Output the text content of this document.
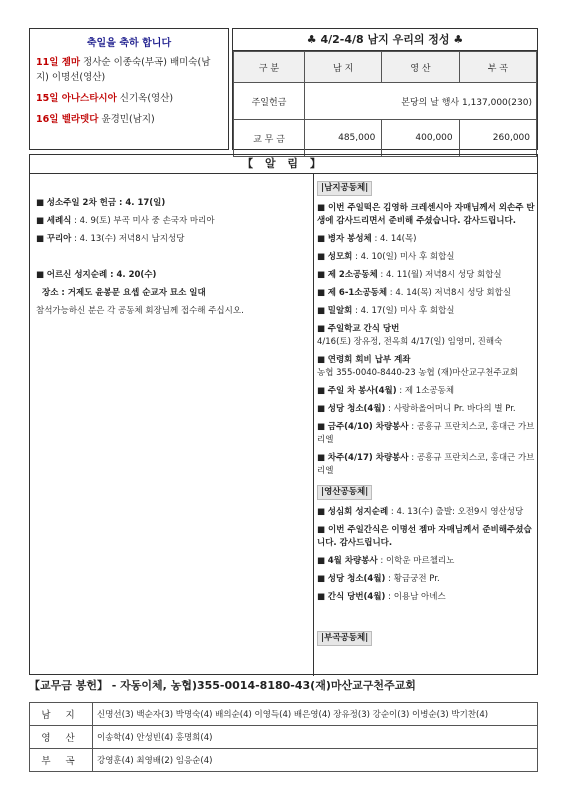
축일을 축하 합니다
11일 젬마 정사순 이종숙(부곡) 배미숙(남지) 이명선(영산)
15일 아나스타시아 신기옥(영산)
16일 벨라뎃다 윤경민(남지)
♣ 4/2-4/8 남지 우리의 정성 ♣
구 분	남 지	영 산	부 곡
주일헌금	본당의 날 행사 1,137,000(230)		
교 무 금	485,000	400,000	260,000
【 알 림 】
■ 성소주일 2차 헌금 : 4. 17(일)
■ 세례식 : 4. 9(토) 부곡 미사 중 손국자 마리아
■ 꾸리아 : 4. 13(수) 저녁8시 남지성당
■ 어르신 성지순례 : 4. 20(수)
장소 : 거제도 윤봉문 요셉 순교자 묘소 일대
참석가능하신 분은 각 공동체 회장님께 접수해 주십시오.
|남지공동체|
■ 이번 주일떡은 김영하 크레센시아 자매님께서 외손주 탄생에 감사드리면서 준비해 주셨습니다. 감사드립니다.
■ 병자 봉성체 : 4. 14(목)
■ 성모회 : 4. 10(일) 미사 후 회합실
■ 제 2소공동체 : 4. 11(월) 저녁8시 성당 회합실
■ 제 6-1소공동체 : 4. 14(목) 저녁8시 성당 회합실
■ 밀알회 : 4. 17(일) 미사 후 회합실
■ 주일학교 간식 당번
4/16(토) 장유정, 전옥희 4/17(일) 임영미, 진해숙
■ 연령회 회비 납부 계좌
농협 355-0040-8440-23 농협 (재)마산교구천주교회
■ 주일 차 봉사(4월) : 제 1소공동체
■ 성당 청소(4월) : 사랑하올어머니 Pr. 바다의 별 Pr.
■ 금주(4/10) 차량봉사 : 공흥규 프란치스코, 홍대근 가브리엘
■ 차주(4/17) 차량봉사 : 공흥규 프란치스코, 홍대근 가브리엘
|영산공동체|
■ 성심회 성지순례 : 4. 13(수) 출발: 오전9시 영산성당
■ 이번 주일간식은 이명선 젬마 자매님께서 준비해주셨습니다. 감사드립니다.
■ 4월 차량봉사 : 이학운 마르첼리노
■ 성당 청소(4월) : 황금궁전 Pr.
■ 간식 당번(4월) : 이용남 아녜스
|부곡공동체|
【교무금 봉헌】 - 자동이체, 농협)355-0014-8180-43(재)마산교구천주교회
남 지	신명선(3) 백순자(3) 박명숙(4) 배의순(4) 이영득(4) 배은영(4) 장유정(3) 강순이(3) 이병순(3) 박기찬(4)
영 산	이송학(4) 안성빈(4) 홍명희(4)
부 곡	강영훈(4) 최영배(2) 임응순(4)
